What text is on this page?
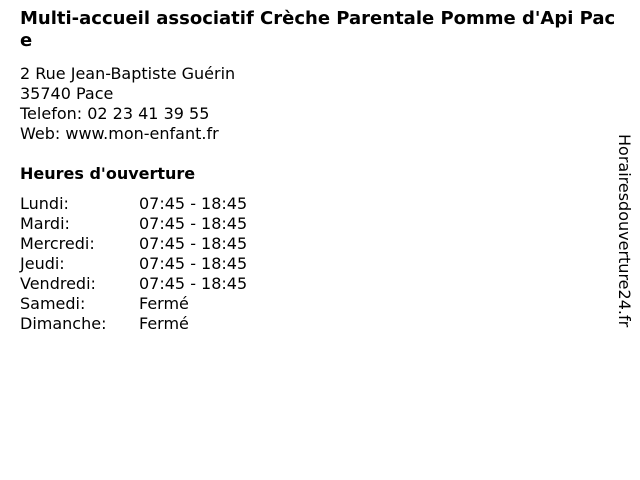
Multi-accueil associatif Crèche Parentale Pomme d'Api Pace
2 Rue Jean-Baptiste Guérin
35740 Pace
Telefon: 02 23 41 39 55
Web: www.mon-enfant.fr
Heures d'ouverture
Lundi:	07:45 - 18:45
Mardi:	07:45 - 18:45
Mercredi:	07:45 - 18:45
Jeudi:	07:45 - 18:45
Vendredi:	07:45 - 18:45
Samedi:	Fermé
Dimanche:	Fermé	Horairesdouverture24.fr
